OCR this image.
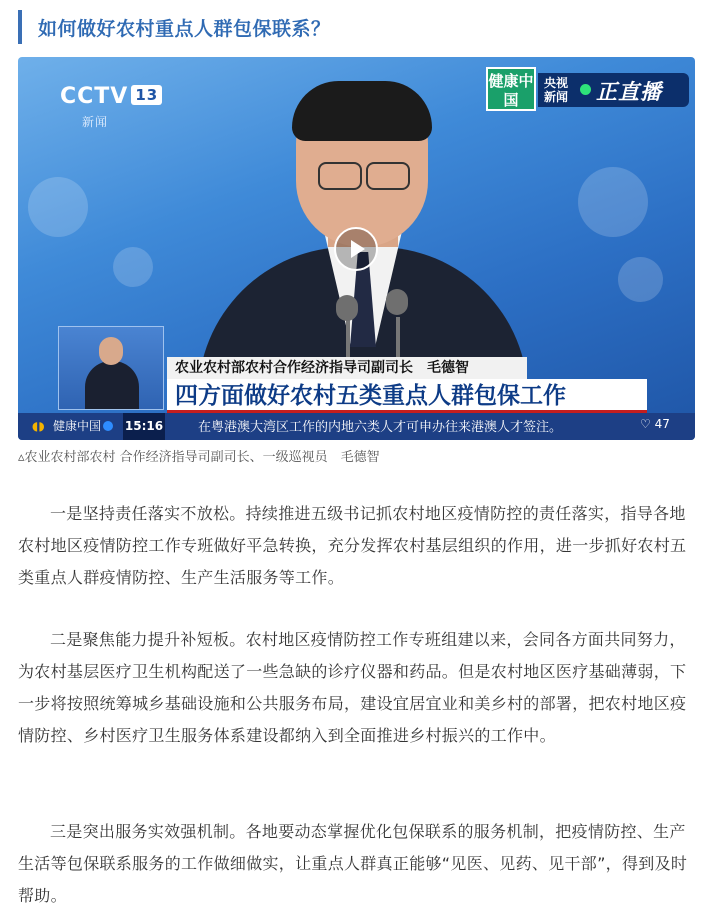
如何做好农村重点人群包保联系？
CCTV 13
新闻
健康中国
央视新闻 正直播
农业农村部农村合作经济指导司副司长　毛德智
四方面做好农村五类重点人群包保工作
◖◗ 健康中国	15:16	在粤港澳大湾区工作的内地六类人才可申办往来港澳人才签注。	♡ 47
▵农业农村部农村 合作经济指导司副司长、一级巡视员　毛德智

一是坚持责任落实不放松。持续推进五级书记抓农村地区疫情防控的责任落实，指导各地农村地区疫情防控工作专班做好平急转换，充分发挥农村基层组织的作用，进一步抓好农村五类重点人群疫情防控、生产生活服务等工作。

二是聚焦能力提升补短板。农村地区疫情防控工作专班组建以来，会同各方面共同努力，为农村基层医疗卫生机构配送了一些急缺的诊疗仪器和药品。但是农村地区医疗基础薄弱，下一步将按照统筹城乡基础设施和公共服务布局，建设宜居宜业和美乡村的部署，把农村地区疫情防控、乡村医疗卫生服务体系建设都纳入到全面推进乡村振兴的工作中。

三是突出服务实效强机制。各地要动态掌握优化包保联系的服务机制，把疫情防控、生产生活等包保联系服务的工作做细做实，让重点人群真正能够“见医、见药、见干部”，得到及时帮助。
